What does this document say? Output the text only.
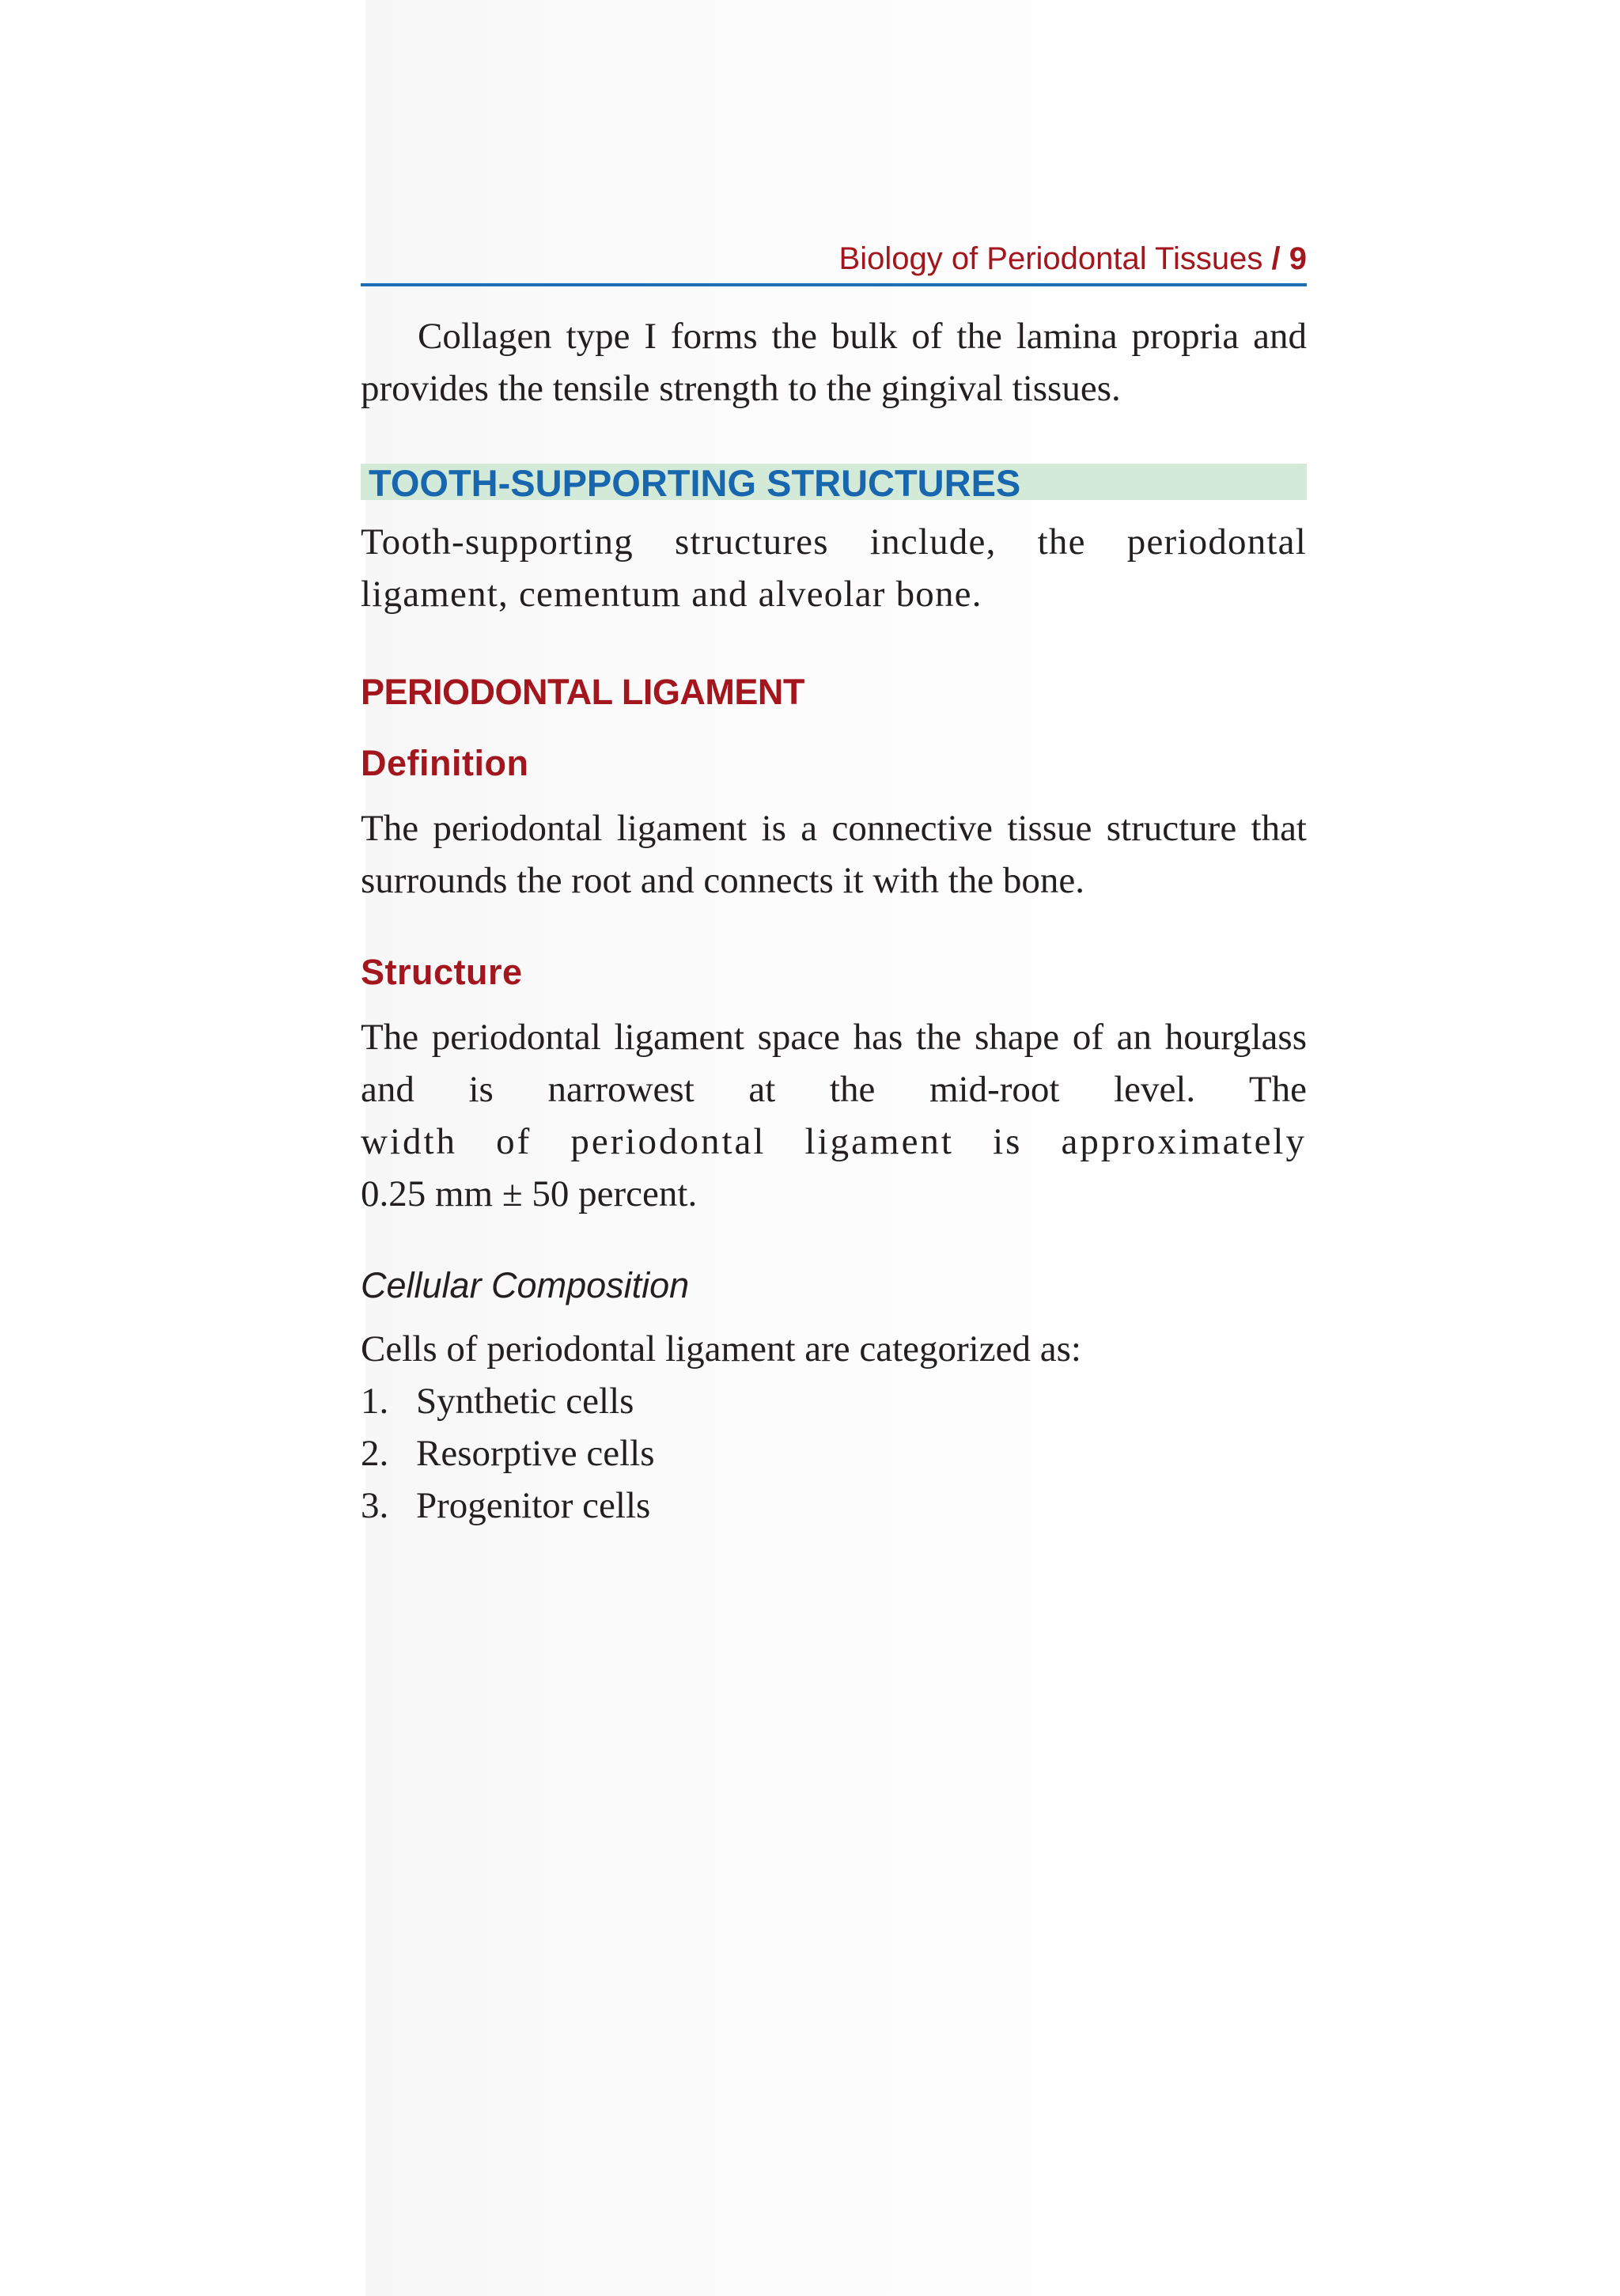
Biology of Periodontal Tissues / 9

Collagen type I forms the bulk of the lamina propria and provides the tensile strength to the gingival tissues.

TOOTH-SUPPORTING STRUCTURES

Tooth-supporting structures include, the periodontal ligament, cementum and alveolar bone.

PERIODONTAL LIGAMENT
Definition

The periodontal ligament is a connective tissue structure that surrounds the root and connects it with the bone.

Structure

The periodontal ligament space has the shape of an hourglass and is narrowest at the mid-root level. The

width of periodontal ligament is approximately

0.25 mm ± 50 percent.

Cellular Composition

Cells of periodontal ligament are categorized as:

1. Synthetic cells
2. Resorptive cells
3. Progenitor cells
